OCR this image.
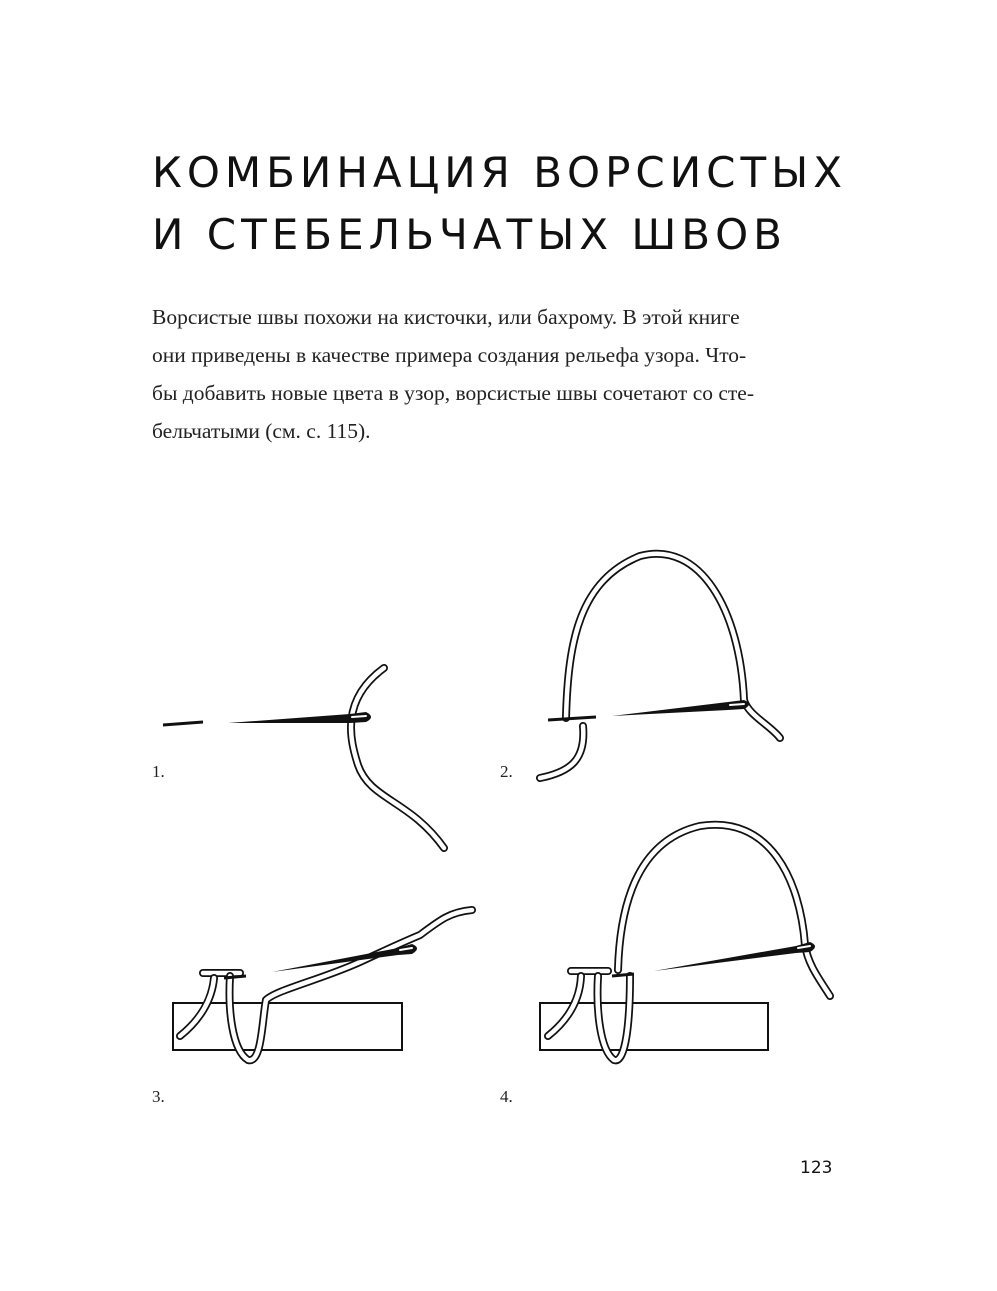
КОМБИНАЦИЯ ВОРСИСТЫХ
И СТЕБЕЛЬЧАТЫХ ШВОВ

Ворсистые швы похожи на кисточки, или бахрому. В этой книге
они приведены в качестве примера создания рельефа узора. Что-
бы добавить новые цвета в узор, ворсистые швы сочетают со сте-
бельчатыми (см. с. 115).

1.	2.
3.	4.
123
